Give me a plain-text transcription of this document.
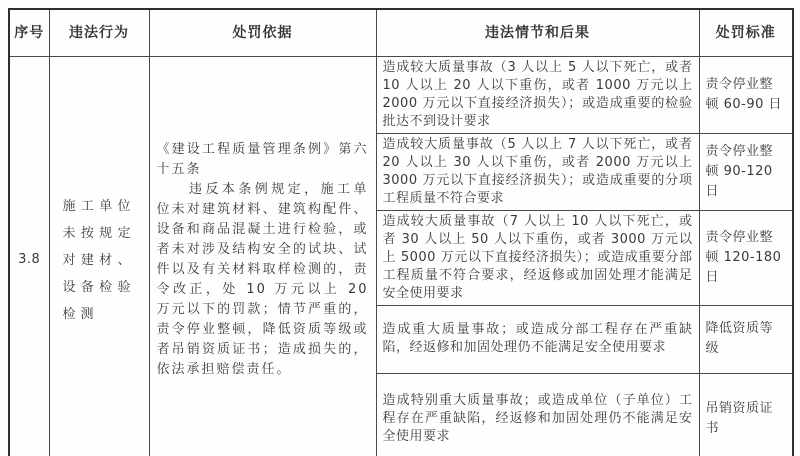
序号	违法行为	处罚依据	违法情节和后果	处罚标准
3.8	施工单位未按规定对建材、设备检验检测	《建设工程质量管理条例》第六十五条
违反本条例规定，施工单位未对建筑材料、建筑构配件、设备和商品混凝土进行检验，或者未对涉及结构安全的试块、试件以及有关材料取样检测的，责令改正，处 10 万元以上 20 万元以下的罚款；情节严重的，责令停业整顿，降低资质等级或者吊销资质证书；造成损失的，依法承担赔偿责任。	造成较大质量事故（3 人以上 5 人以下死亡，或者 10 人以上 20 人以下重伤，或者 1000 万元以上 2000 万元以下直接经济损失）；或造成重要的检验批达不到设计要求	责令停业整顿 60-90 日
			造成较大质量事故（5 人以上 7 人以下死亡，或者 20 人以上 30 人以下重伤，或者 2000 万元以上 3000 万元以下直接经济损失）；或造成重要的分项工程质量不符合要求	责令停业整顿 90-120 日
			造成较大质量事故（7 人以上 10 人以下死亡，或者 30 人以上 50 人以下重伤，或者 3000 万元以上 5000 万元以下直接经济损失）；或造成重要分部工程质量不符合要求，经返修或加固处理才能满足安全使用要求	责令停业整顿 120-180 日
			造成重大质量事故；或造成分部工程存在严重缺陷，经返修和加固处理仍不能满足安全使用要求	降低资质等级
			造成特别重大质量事故；或造成单位（子单位）工程存在严重缺陷，经返修和加固处理仍不能满足安全使用要求	吊销资质证书
